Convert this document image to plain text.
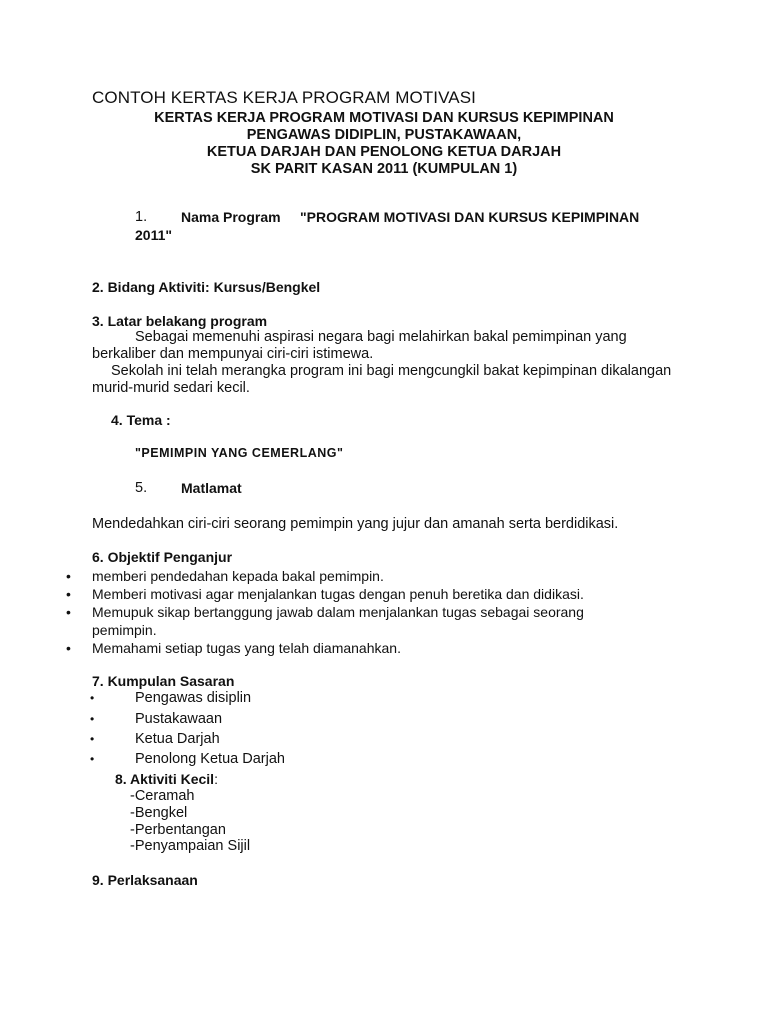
CONTOH KERTAS KERJA PROGRAM MOTIVASI
KERTAS KERJA PROGRAM MOTIVASI DAN KURSUS KEPIMPINAN
PENGAWAS DIDIPLIN, PUSTAKAWAAN,
KETUA DARJAH DAN PENOLONG KETUA DARJAH
SK PARIT KASAN 2011 (KUMPULAN 1)
1. Nama Program "PROGRAM MOTIVASI DAN KURSUS KEPIMPINAN
2011"
2. Bidang Aktiviti: Kursus/Bengkel
3. Latar belakang program
Sebagai memenuhi aspirasi negara bagi melahirkan bakal pemimpinan yang
berkaliber dan mempunyai ciri-ciri istimewa.
Sekolah ini telah merangka program ini bagi mengcungkil bakat kepimpinan dikalangan
murid-murid sedari kecil.
4. Tema :
"PEMIMPIN YANG CEMERLANG"
5. Matlamat
Mendedahkan ciri-ciri seorang pemimpin yang jujur dan amanah serta berdidikasi.
6. Objektif Penganjur
• memberi pendedahan kepada bakal pemimpin.
• Memberi motivasi agar menjalankan tugas dengan penuh beretika dan didikasi.
• Memupuk sikap bertanggung jawab dalam menjalankan tugas sebagai seorang
pemimpin.
• Memahami setiap tugas yang telah diamanahkan.
7. Kumpulan Sasaran
•	Pengawas disiplin
•	Pustakawaan
•	Ketua Darjah
•	Penolong Ketua Darjah
8. Aktiviti Kecil:
-Ceramah
-Bengkel
-Perbentangan
-Penyampaian Sijil
9. Perlaksanaan
